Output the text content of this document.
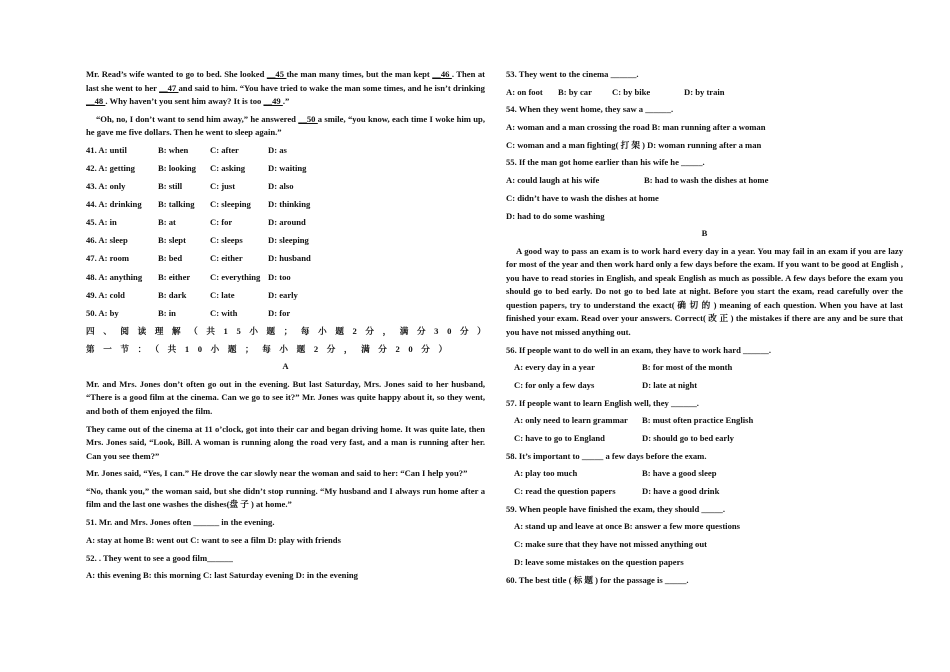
Mr. Read’s wife wanted to go to bed. She looked __45 the man many times, but the man kept __46 . Then at last she went to her __47 and said to him. “You have tried to wake the man some times, and he isn’t drinking __48 . Why haven’t you sent him away? It is too __49 .”

“Oh, no, I don’t want to send him away,” he answered __50 a smile, “you know, each time I woke him up, he gave me five dollars. Then he went to sleep again.”

41. A: until	B: when	C: after	D: as
42. A: getting	B: looking	C: asking	D: waiting
43. A: only	B: still	C: just	D: also
44. A: drinking	B: talking	C: sleeping	D: thinking
45. A: in	B: at	C: for	D: around
46. A: sleep	B: slept	C: sleeps	D: sleeping
47. A: room	B: bed	C: either	D: husband
48. A: anything	B: either	C: everything D: too
49. A: cold	B: dark	C: late	D: early
50. A: by	B: in	C: with	D: for

四、阅读理解（共15小题；每小题2分，满分30分）

第一节：（共10小题；每小题2分，满分20分）

A

Mr. and Mrs. Jones don’t often go out in the evening. But last Saturday, Mrs. Jones said to her husband, “There is a good film at the cinema. Can we go to see it?” Mr. Jones was quite happy about it, so they went, and both of them enjoyed the film.

They came out of the cinema at 11 o’clock, got into their car and began driving home. It was quite late, then Mrs. Jones said, “Look, Bill. A woman is running along the road very fast, and a man is running after her. Can you see them?”

Mr. Jones said, “Yes, I can.” He drove the car slowly near the woman and said to her: “Can I help you?”

“No, thank you,” the woman said, but she didn’t stop running. “My husband and I always run home after a film and the last one washes the dishes(盘 子 ) at home.”

51. Mr. and Mrs. Jones often ______ in the evening.

A: stay at home B: went out C: want to see a film D: play with friends

52. . They went to see a good film______

A: this evening B: this morning C: last Saturday evening D: in the evening

53. They went to the cinema ______.

A: on foot	B: by car	C: by bike	D: by train

54. When they went home, they saw a ______.

A: woman and a man crossing the road B: man running after a woman

C: woman and a man fighting( 打 架 ) D: woman running after a man

55. If the man got home earlier than his wife he _____.

A: could laugh at his wife	B: had to wash the dishes at home

C: didn’t have to wash the dishes at home

D: had to do some washing

B

A good way to pass an exam is to work hard every day in a year. You may fail in an exam if you are lazy for most of the year and then work hard only a few days before the exam. If you want to be good at English , you have to read stories in English, and speak English as much as possible. A few days before the exam you should go to bed early. Do not go to bed late at night. Before you start the exam, read carefully over the question papers, try to understand the exact( 确 切 的 ) meaning of each question. When you have at last finished your exam. Read over your answers. Correct( 改 正 ) the mistakes if there are any and be sure that you have not missed anything out.

56. If people want to do well in an exam, they have to work hard ______.

A: every day in a year	B: for most of the month
C: for only a few days	D: late at night

57. If people want to learn English well, they ______.

A: only need to learn grammar	B: must often practice English
C: have to go to England	D: should go to bed early

58. It’s important to _____ a few days before the exam.

A: play too much	B: have a good sleep
C: read the question papers	D: have a good drink

59. When people have finished the exam, they should _____.

A: stand up and leave at once B: answer a few more questions

C: make sure that they have not missed anything out

D: leave some mistakes on the question papers

60. The best title ( 标 题 ) for the passage is _____.
